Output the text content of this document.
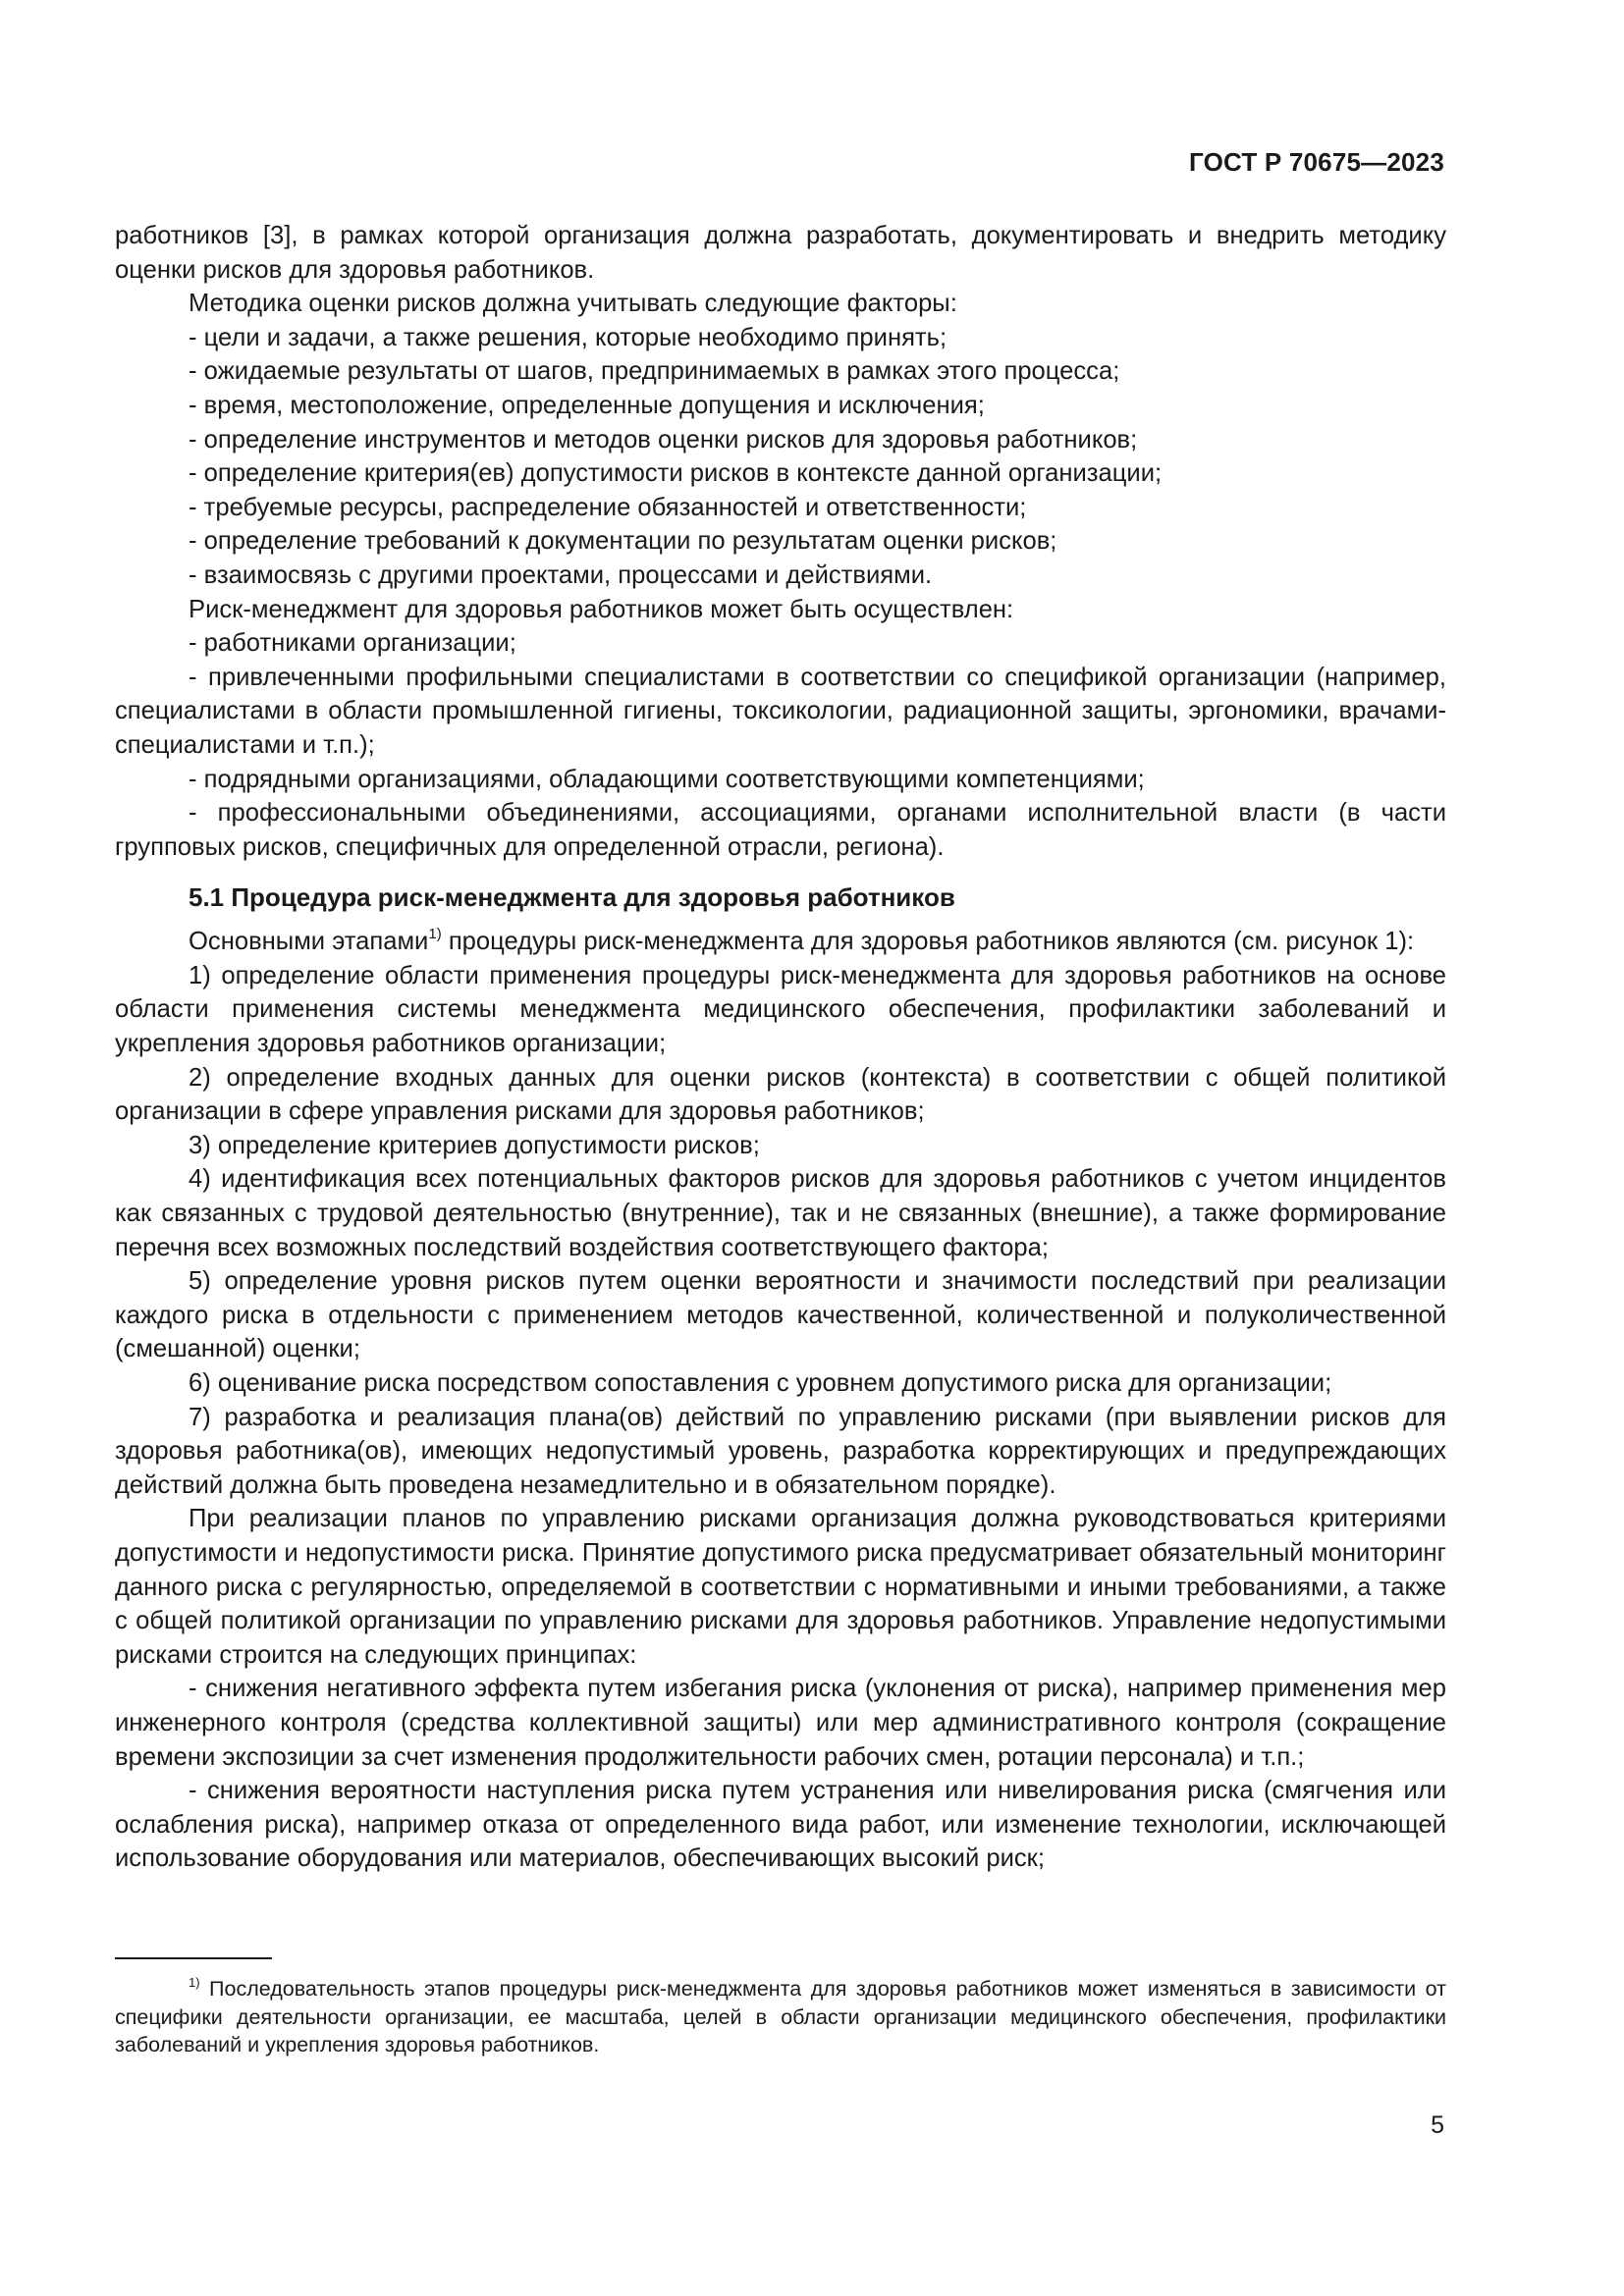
ГОСТ Р 70675—2023

работников [3], в рамках которой организация должна разработать, документировать и внедрить методику оценки рисков для здоровья работников.

Методика оценки рисков должна учитывать следующие факторы:

- цели и задачи, а также решения, которые необходимо принять;

- ожидаемые результаты от шагов, предпринимаемых в рамках этого процесса;

- время, местоположение, определенные допущения и исключения;

- определение инструментов и методов оценки рисков для здоровья работников;

- определение критерия(ев) допустимости рисков в контексте данной организации;

- требуемые ресурсы, распределение обязанностей и ответственности;

- определение требований к документации по результатам оценки рисков;

- взаимосвязь с другими проектами, процессами и действиями.

Риск-менеджмент для здоровья работников может быть осуществлен:

- работниками организации;

- привлеченными профильными специалистами в соответствии со спецификой организации (например, специалистами в области промышленной гигиены, токсикологии, радиационной защиты, эргономики, врачами-специалистами и т.п.);

- подрядными организациями, обладающими соответствующими компетенциями;

- профессиональными объединениями, ассоциациями, органами исполнительной власти (в части групповых рисков, специфичных для определенной отрасли, региона).

5.1 Процедура риск-менеджмента для здоровья работников

Основными этапами$^{1)}$ процедуры риск-менеджмента для здоровья работников являются (см. рисунок 1):

1) определение области применения процедуры риск-менеджмента для здоровья работников на основе области применения системы менеджмента медицинского обеспечения, профилактики заболеваний и укрепления здоровья работников организации;

2) определение входных данных для оценки рисков (контекста) в соответствии с общей политикой организации в сфере управления рисками для здоровья работников;

3) определение критериев допустимости рисков;

4) идентификация всех потенциальных факторов рисков для здоровья работников с учетом инцидентов как связанных с трудовой деятельностью (внутренние), так и не связанных (внешние), а также формирование перечня всех возможных последствий воздействия соответствующего фактора;

5) определение уровня рисков путем оценки вероятности и значимости последствий при реализации каждого риска в отдельности с применением методов качественной, количественной и полуколичественной (смешанной) оценки;

6) оценивание риска посредством сопоставления с уровнем допустимого риска для организации;

7) разработка и реализация плана(ов) действий по управлению рисками (при выявлении рисков для здоровья работника(ов), имеющих недопустимый уровень, разработка корректирующих и предупреждающих действий должна быть проведена незамедлительно и в обязательном порядке).

При реализации планов по управлению рисками организация должна руководствоваться критериями допустимости и недопустимости риска. Принятие допустимого риска предусматривает обязательный мониторинг данного риска с регулярностью, определяемой в соответствии с нормативными и иными требованиями, а также с общей политикой организации по управлению рисками для здоровья работников. Управление недопустимыми рисками строится на следующих принципах:

- снижения негативного эффекта путем избегания риска (уклонения от риска), например применения мер инженерного контроля (средства коллективной защиты) или мер административного контроля (сокращение времени экспозиции за счет изменения продолжительности рабочих смен, ротации персонала) и т.п.;

- снижения вероятности наступления риска путем устранения или нивелирования риска (смягчения или ослабления риска), например отказа от определенного вида работ, или изменение технологии, исключающей использование оборудования или материалов, обеспечивающих высокий риск;

$^{1)}$ Последовательность этапов процедуры риск-менеджмента для здоровья работников может изменяться в зависимости от специфики деятельности организации, ее масштаба, целей в области организации медицинского обеспечения, профилактики заболеваний и укрепления здоровья работников.

5
